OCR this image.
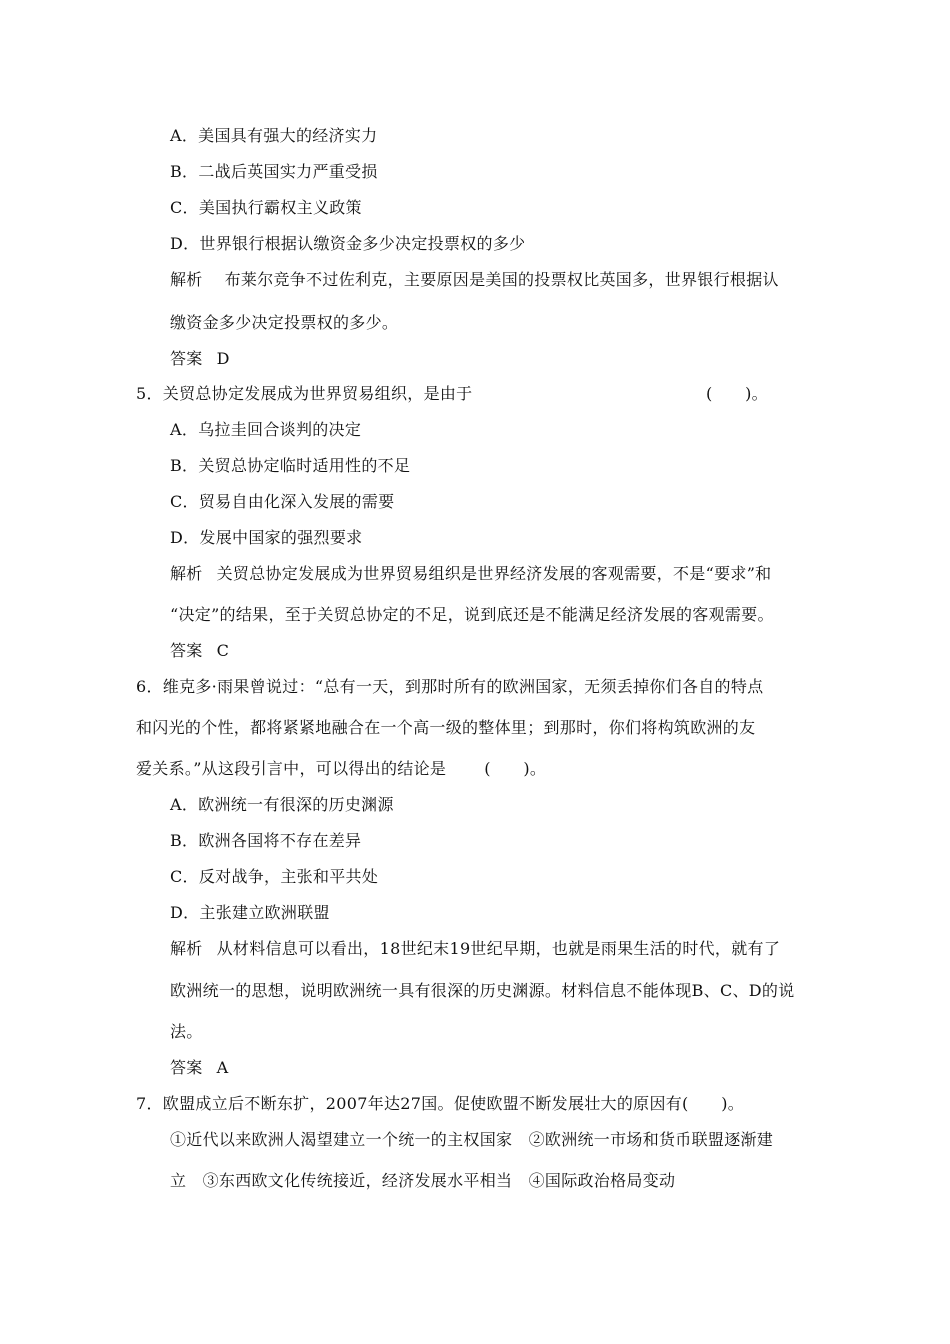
A．美国具有强大的经济实力
B．二战后英国实力严重受损
C．美国执行霸权主义政策
D．世界银行根据认缴资金多少决定投票权的多少
解析 布莱尔竞争不过佐利克，主要原因是美国的投票权比英国多，世界银行根据认
缴资金多少决定投票权的多少。
答案 D
5．关贸总协定发展成为世界贸易组织，是由于	(　　)。
A．乌拉圭回合谈判的决定
B．关贸总协定临时适用性的不足
C．贸易自由化深入发展的需要
D．发展中国家的强烈要求
解析 关贸总协定发展成为世界贸易组织是世界经济发展的客观需要，不是“要求”和
“决定”的结果，至于关贸总协定的不足，说到底还是不能满足经济发展的客观需要。
答案 C
6．维克多·雨果曾说过：“总有一天，到那时所有的欧洲国家，无须丢掉你们各自的特点
和闪光的个性，都将紧紧地融合在一个高一级的整体里；到那时，你们将构筑欧洲的友
爱关系。”从这段引言中，可以得出的结论是 (　　)。
A．欧洲统一有很深的历史渊源
B．欧洲各国将不存在差异
C．反对战争，主张和平共处
D．主张建立欧洲联盟
解析 从材料信息可以看出，18世纪末19世纪早期，也就是雨果生活的时代，就有了
欧洲统一的思想，说明欧洲统一具有很深的历史渊源。材料信息不能体现B、C、D的说
法。
答案 A
7．欧盟成立后不断东扩，2007年达27国。促使欧盟不断发展壮大的原因有(　　)。
①近代以来欧洲人渴望建立一个统一的主权国家　②欧洲统一市场和货币联盟逐渐建
立　③东西欧文化传统接近，经济发展水平相当　④国际政治格局变动
